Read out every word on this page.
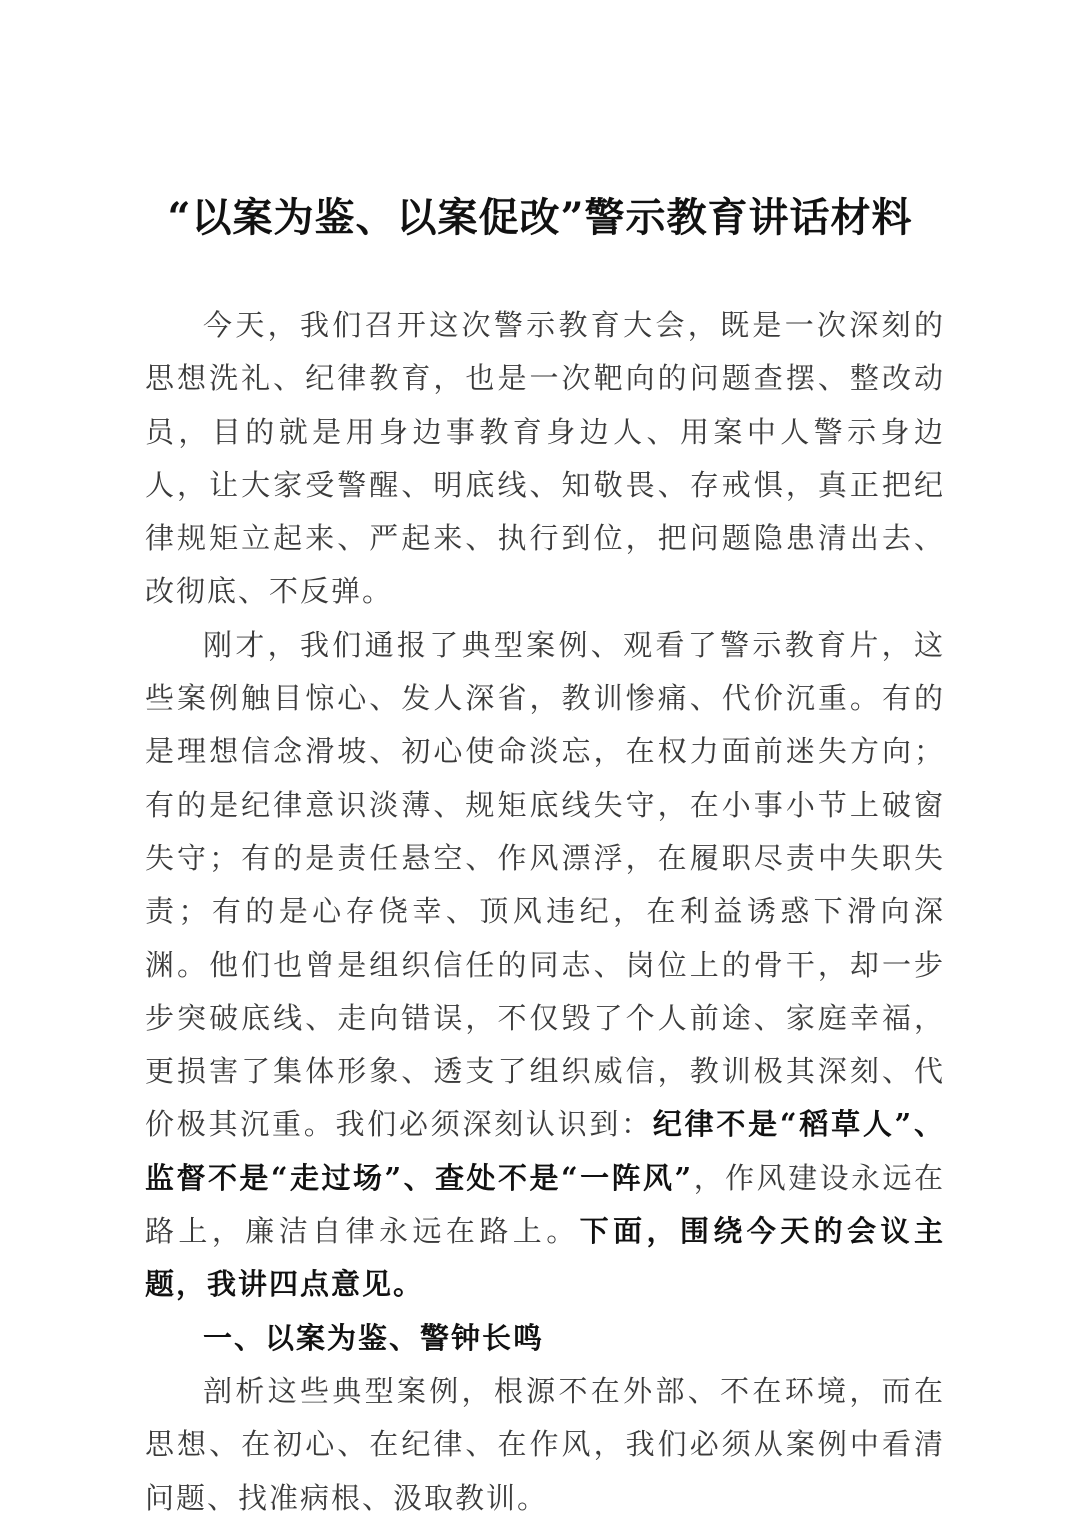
“以案为鉴、以案促改”警示教育讲话材料

今天，我们召开这次警示教育大会，既是一次深刻的思想洗礼、纪律教育，也是一次靶向的问题查摆、整改动员，目的就是用身边事教育身边人、用案中人警示身边人，让大家受警醒、明底线、知敬畏、存戒惧，真正把纪律规矩立起来、严起来、执行到位，把问题隐患清出去、改彻底、不反弹。

刚才，我们通报了典型案例、观看了警示教育片，这些案例触目惊心、发人深省，教训惨痛、代价沉重。有的是理想信念滑坡、初心使命淡忘，在权力面前迷失方向；有的是纪律意识淡薄、规矩底线失守，在小事小节上破窗失守；有的是责任悬空、作风漂浮，在履职尽责中失职失责；有的是心存侥幸、顶风违纪，在利益诱惑下滑向深渊。他们也曾是组织信任的同志、岗位上的骨干，却一步步突破底线、走向错误，不仅毁了个人前途、家庭幸福，更损害了集体形象、透支了组织威信，教训极其深刻、代价极其沉重。我们必须深刻认识到：纪律不是“稻草人”、监督不是“走过场”、查处不是“一阵风”，作风建设永远在路上，廉洁自律永远在路上。下面，围绕今天的会议主题，我讲四点意见。

一、以案为鉴、警钟长鸣

剖析这些典型案例，根源不在外部、不在环境，而在思想、在初心、在纪律、在作风，我们必须从案例中看清问题、找准病根、汲取教训。
